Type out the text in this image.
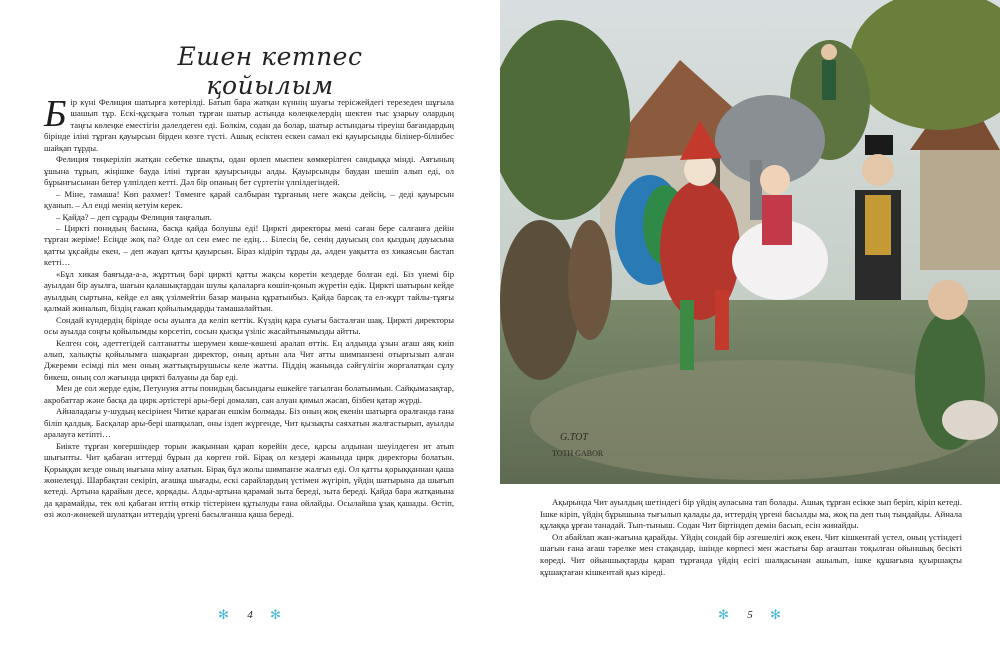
Ешен кетпес қойылым

Бір күні Фелиция шатырға көтерілді. Батып бара жатқан күннің шуағы терісжейдегі терезеден шұғыла шашып тұр. Ескі-құсқыға толып тұрған шатыр астында көлеңкелердің шектен тыс ұзарыу олардың таңғы көлеңке еместігін дәлелдеген еді. Бөлкім, содан да болар, шатыр астындағы тіреуіш бағандардың бірінде іліні тұрған қауырсын бірден көзге түсті. Ашық есіктен ескен самал екі қауырсынды білінер-білінбес шайқап тұрды.

Фелиция төңкеріліп жатқан себетке шықты, одан өрлеп мыспен көмкерілген сандыққа мінді. Аяғының ұшына тұрып, жіңішке бауда іліні тұрған қауырсынды алды. Қауырсынды баудан шешіп алып еді, ол бұрынғысынан бетер үлпілдеп кетті. Дәл бір опаның бет сүртетін үлпілдегіндей.

– Міне, тамаша! Көп рахмет! Төменге қарай салбыран тұрғаның неге жақсы дейсің, – деді қауырсын қуанып. – Ал енді менің кетуім керек.

– Қайда? – деп сұрады Фелиция таңғалып.

– Циркті понидың басына, басқа қайда болушы еді! Циркті директоры мені саған бере салғанға дейін тұрған жеріме! Есіңде жоқ па? Өлде ол сен емес пе едің… Білесің бе, сенің дауысың сол қыздың дауысына қатты ұқсайды екен, – деп жауап қатты қауырсын. Біраз кідіріп тұрды да, әлден уақытта өз хикаясын бастап кетті…

«Бұл хикая баяғыда-а-а, жұрттың бәрі циркті қатты жақсы көретін кездерде болған еді. Біз үнемі бір ауылдан бір ауылға, шағын қалашықтардан шулы қалаларға көшіп-қонып жүретін едік. Циркті шатырын кейде ауылдың сыртына, кейде ел аяқ үзілмейтін базар маңына құратынбыз. Қайда барсақ та ел-жұрт тайлы-тұяғы қалмай жиналып, біздің ғажап қойылымдарды тамашалайтын.

Сондай күндердің бірінде осы ауылға да келіп кеттік. Күздің қара суығы басталған шақ. Циркті директоры осы ауылда соңғы қойылымды көрсетіп, сосын қысқы үзіліс жасайтынымызды айтты.

Келген соң, әдеттегідей салтанатты шерумен көше-көшені аралап өттік. Ең алдында ұзын ағаш аяқ киіп алып, халықты қойылымға шақырған директор, оның артын ала Чит атты шимпанзені отырғызып алған Джереми есімді піл мен оның жаттықтырушысы келе жатты. Піддің жанында сәйгүлігін жорғалатқан сұлу бикеш, оның сол жағында циркті балуаны да бар еді.

Мен де сол жерде едім, Петунуия атты понидың басындағы ешкейге тағылған болатынмын. Сайқымазақтар, акробаттар және басқа да цирк әртістері ары-бері домалап, сан алуан қимыл жасап, бізбен қатар жүрді.

Айналадағы у-шудың кесірінен Читке қараған ешкім болмады. Біз оның жоқ екенін шатырға оралғанда ғана біліп қалдық. Басқалар ары-бері шапқылап, оны іздеп жүргенде, Чит қызықты саяхатын жалғастырып, ауылды аралауға кетіпті…

Биікте тұрған көгершіндер торын жақыннан қарап көрейін десе, қарсы алдынан шеуілдеген ит атып шығыпты. Чит қабаған иттерді бұрын да көрген гой. Бірақ ол кездері жанында цирк директоры болатын. Қорыққан кезде оның иығына міну алатын. Бірақ бұл жолы шимпанзе жалғыз еді. Ол қатты қорыққаннан қаша жөнелеңді. Шарбақтан секіріп, ағашқа шығады, ескі сарайлардың үстімен жүгіріп, үйдің шатырына да шығып кетеді. Артына қарайын десе, қорқады. Алды-артына қарамай зыта береді, зыта береді. Қайда бара жатқанына да қарамайды, тек өлі қабаған иттің өткір тістерінен құтылуды ғана ойлайды. Осылайша ұзақ қашады. Өстіп, өзі жол-жөнекей шулатқан иттердің үргені басылғанша қаша береді.

✻	4	✻
G.TOT
TOTH GABOR

Ақырында Чит ауылдың шетіндегі бір үйдің ауласына тап болады. Ашық тұрған есікке зып беріп, кіріп кетеді. Ішке кіріп, үйдің бұрышына тығылып қалады да, иттердің үргені басылды ма, жоқ па деп тың тыңдайды. Айнала құлаққа ұрған танадай. Тып-тыныш. Содан Чит біртіндеп демін басып, есін жинайды.

Ол абайлап жан-жағына қарайды. Үйдің сондай бір әзгешелігі жоқ екен. Чит кішкентай үстел, оның үстіндегі шағын ғана ағаш тәрелке мен стақандар, ішінде көрпесі мен жастығы бар ағаштан тоқылған ойыншық бесікті көреді. Чит ойыншықтарды қарап тұрғанда үйдің есігі шалқасынан ашылып, ішке құшағына қуыршақты құшақтаған кішкентай қыз кіреді.

✻	5	✻
